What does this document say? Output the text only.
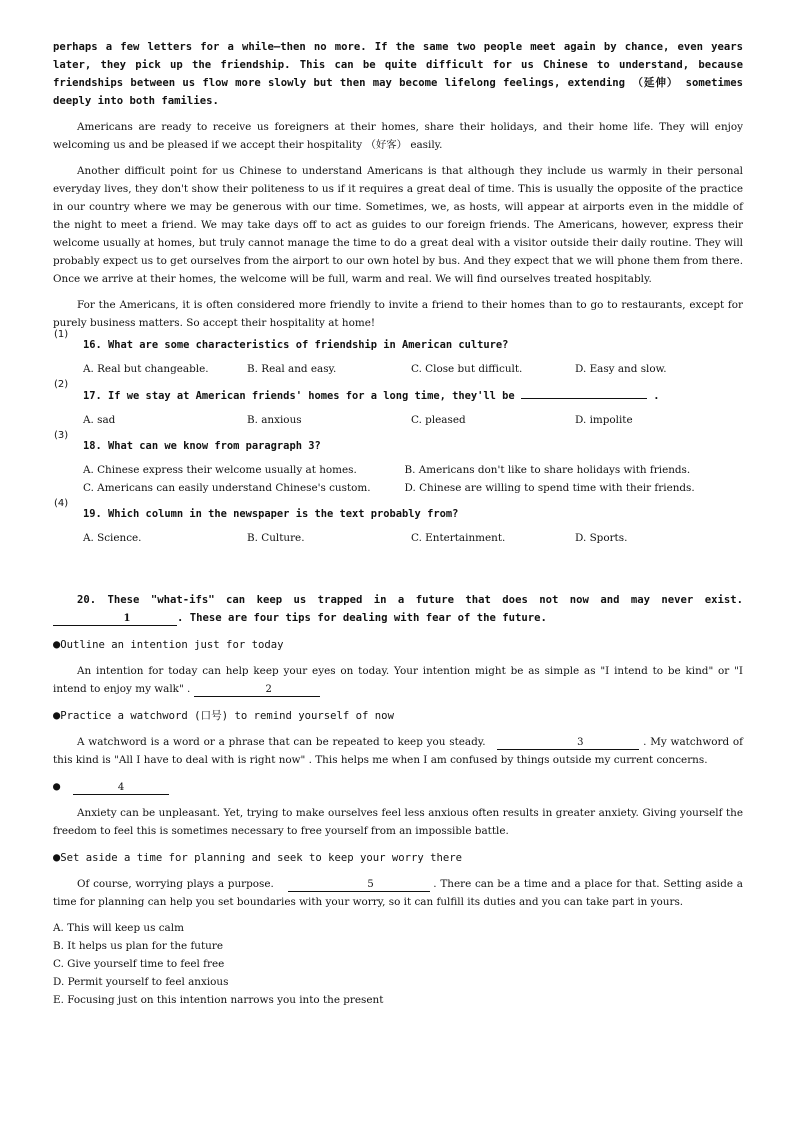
perhaps a few letters for a while—then no more. If the same two people meet again by chance, even years later, they pick up the friendship. This can be quite difficult for us Chinese to understand, because friendships between us flow more slowly but then may become lifelong feelings, extending （延伸） sometimes deeply into both families.

Americans are ready to receive us foreigners at their homes, share their holidays, and their home life. They will enjoy welcoming us and be pleased if we accept their hospitality （好客） easily.

Another difficult point for us Chinese to understand Americans is that although they include us warmly in their personal everyday lives, they don't show their politeness to us if it requires a great deal of time. This is usually the opposite of the practice in our country where we may be generous with our time. Sometimes, we, as hosts, will appear at airports even in the middle of the night to meet a friend. We may take days off to act as guides to our foreign friends. The Americans, however, express their welcome usually at homes, but truly cannot manage the time to do a great deal with a visitor outside their daily routine. They will probably expect us to get ourselves from the airport to our own hotel by bus. And they expect that we will phone them from there. Once we arrive at their homes, the welcome will be full, warm and real. We will find ourselves treated hospitably.

For the Americans, it is often considered more friendly to invite a friend to their homes than to go to restaurants, except for purely business matters. So accept their hospitality at home!

(1)
16. What are some characteristics of friendship in American culture?
A. Real but changeable.	B. Real and easy.	C. Close but difficult.	D. Easy and slow.
(2)
17. If we stay at American friends' homes for a long time, they'll be	.
A. sad	B. anxious	C. pleased	D. impolite
(3)
18. What can we know from paragraph 3?
A. Chinese express their welcome usually at homes.	B. Americans don't like to share holidays with friends.
C. Americans can easily understand Chinese's custom.	D. Chinese are willing to spend time with their friends.
(4)
19. Which column in the newspaper is the text probably from?
A. Science.	B. Culture.	C. Entertainment.	D. Sports.

20. These "what-ifs" can keep us trapped in a future that does not now and may never exist. 1	. These are four tips for dealing with fear of the future.

●Outline an intention just for today

An intention for today can help keep your eyes on today. Your intention might be as simple as "I intend to be kind" or "I intend to enjoy my walk" .	2

●Practice a watchword (口号) to remind yourself of now

A watchword is a word or a phrase that can be repeated to keep you steady.	3	. My watchword of this kind is "All I have to deal with is right now" . This helps me when I am confused by things outside my current concerns.

●	4

Anxiety can be unpleasant. Yet, trying to make ourselves feel less anxious often results in greater anxiety. Giving yourself the freedom to feel this is sometimes necessary to free yourself from an impossible battle.

●Set aside a time for planning and seek to keep your worry there

Of course, worrying plays a purpose.	5	. There can be a time and a place for that. Setting aside a time for planning can help you set boundaries with your worry, so it can fulfill its duties and you can take part in yours.

A. This will keep us calm

B. It helps us plan for the future

C. Give yourself time to feel free

D. Permit yourself to feel anxious

E. Focusing just on this intention narrows you into the present
